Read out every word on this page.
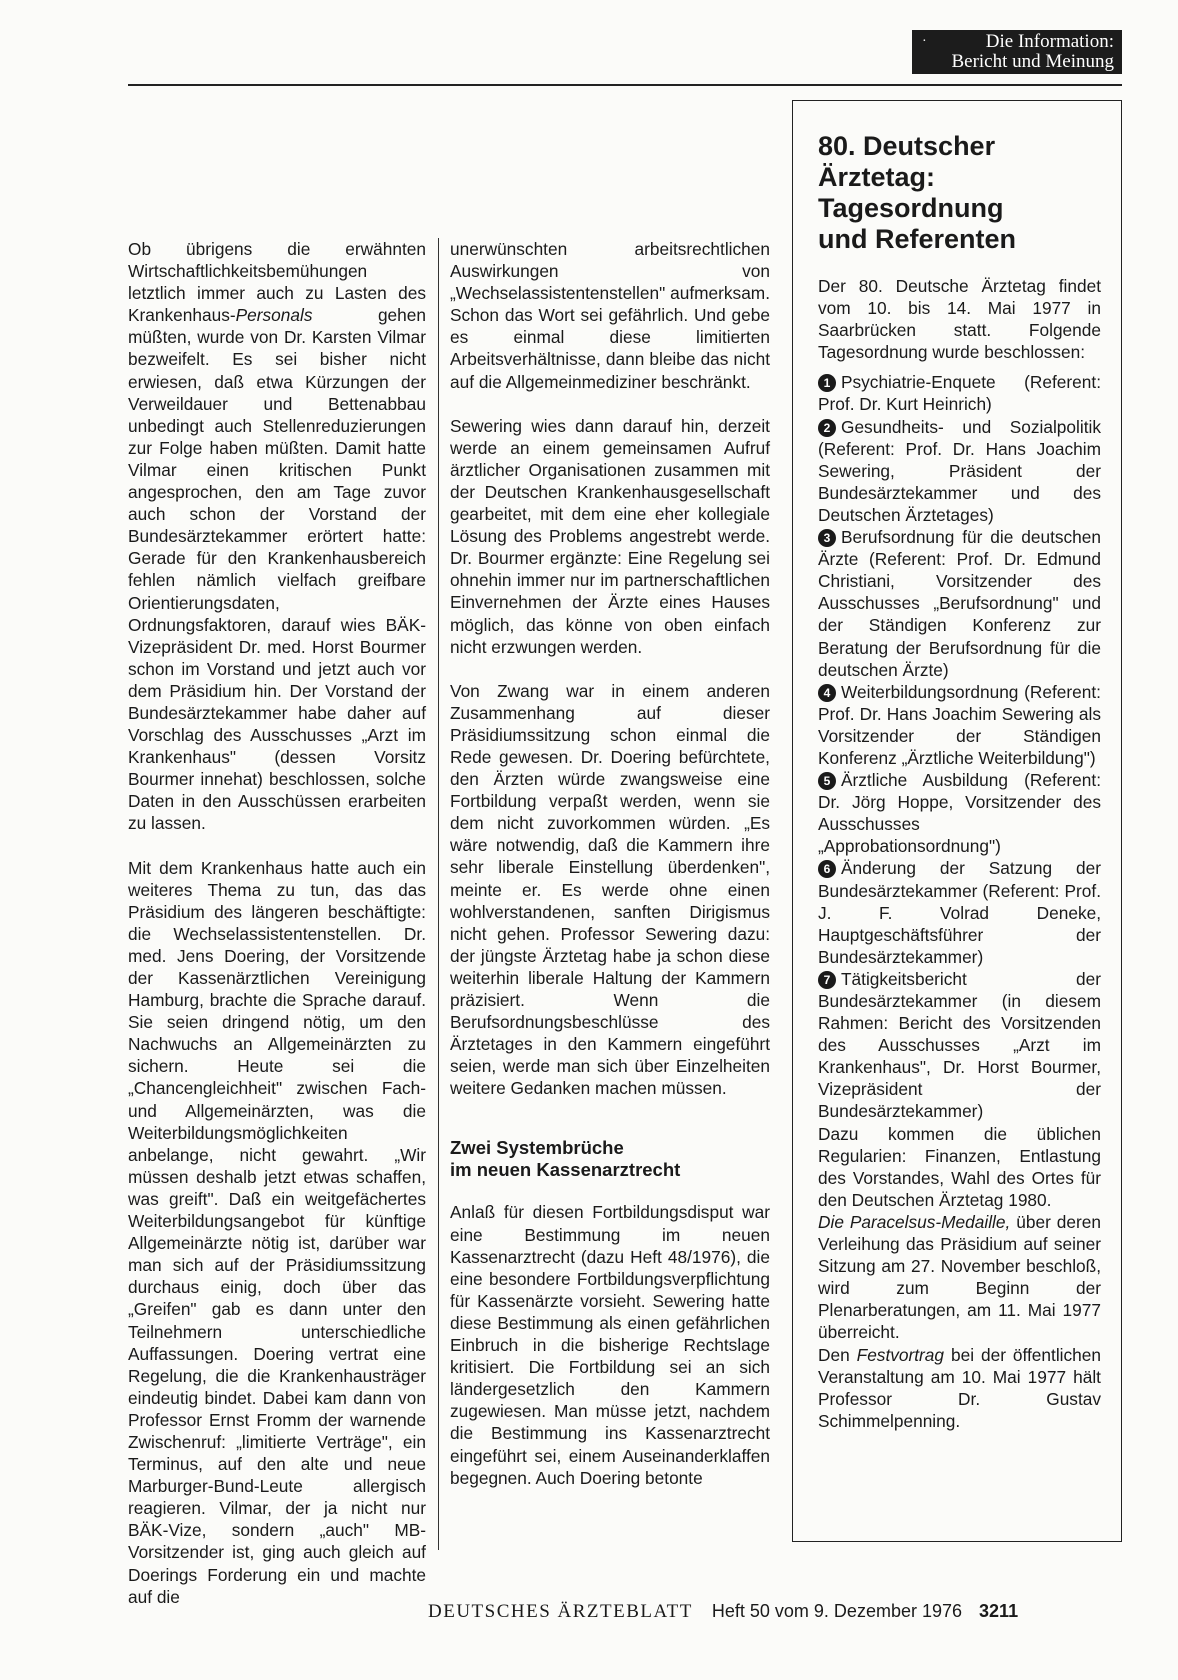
·	Die Information:
Bericht und Meinung

Ob übrigens die erwähnten Wirtschaftlichkeitsbemühungen letztlich immer auch zu Lasten des Krankenhaus-Personals gehen müßten, wurde von Dr. Karsten Vilmar bezweifelt. Es sei bisher nicht erwiesen, daß etwa Kürzungen der Verweildauer und Bettenabbau unbedingt auch Stellenreduzierungen zur Folge haben müßten. Damit hatte Vilmar einen kritischen Punkt angesprochen, den am Tage zuvor auch schon der Vorstand der Bundesärztekammer erörtert hatte: Gerade für den Krankenhausbereich fehlen nämlich vielfach greifbare Orientierungsdaten, Ordnungsfaktoren, darauf wies BÄK-Vizepräsident Dr. med. Horst Bourmer schon im Vorstand und jetzt auch vor dem Präsidium hin. Der Vorstand der Bundesärztekammer habe daher auf Vorschlag des Ausschusses „Arzt im Krankenhaus" (dessen Vorsitz Bourmer innehat) beschlossen, solche Daten in den Ausschüssen erarbeiten zu lassen.

Mit dem Krankenhaus hatte auch ein weiteres Thema zu tun, das das Präsidium des längeren beschäftigte: die Wechselassistentenstellen. Dr. med. Jens Doering, der Vorsitzende der Kassenärztlichen Vereinigung Hamburg, brachte die Sprache darauf. Sie seien dringend nötig, um den Nachwuchs an Allgemeinärzten zu sichern. Heute sei die „Chancengleichheit" zwischen Fach- und Allgemeinärzten, was die Weiterbildungsmöglichkeiten anbelange, nicht gewahrt. „Wir müssen deshalb jetzt etwas schaffen, was greift". Daß ein weitgefächertes Weiterbildungsangebot für künftige Allgemeinärzte nötig ist, darüber war man sich auf der Präsidiumssitzung durchaus einig, doch über das „Greifen" gab es dann unter den Teilnehmern unterschiedliche Auffassungen. Doering vertrat eine Regelung, die die Krankenhausträger eindeutig bindet. Dabei kam dann von Professor Ernst Fromm der warnende Zwischenruf: „limitierte Verträge", ein Terminus, auf den alte und neue Marburger-Bund-Leute allergisch reagieren. Vilmar, der ja nicht nur BÄK-Vize, sondern „auch" MB-Vorsitzender ist, ging auch gleich auf Doerings Forderung ein und machte auf die

unerwünschten arbeitsrechtlichen Auswirkungen von „Wechselassistentenstellen" aufmerksam. Schon das Wort sei gefährlich. Und gebe es einmal diese limitierten Arbeitsverhältnisse, dann bleibe das nicht auf die Allgemeinmediziner beschränkt.

Sewering wies dann darauf hin, derzeit werde an einem gemeinsamen Aufruf ärztlicher Organisationen zusammen mit der Deutschen Krankenhausgesellschaft gearbeitet, mit dem eine eher kollegiale Lösung des Problems angestrebt werde. Dr. Bourmer ergänzte: Eine Regelung sei ohnehin immer nur im partnerschaftlichen Einvernehmen der Ärzte eines Hauses möglich, das könne von oben einfach nicht erzwungen werden.

Von Zwang war in einem anderen Zusammenhang auf dieser Präsidiumssitzung schon einmal die Rede gewesen. Dr. Doering befürchtete, den Ärzten würde zwangsweise eine Fortbildung verpaßt werden, wenn sie dem nicht zuvorkommen würden. „Es wäre notwendig, daß die Kammern ihre sehr liberale Einstellung überdenken", meinte er. Es werde ohne einen wohlverstandenen, sanften Dirigismus nicht gehen. Professor Sewering dazu: der jüngste Ärztetag habe ja schon diese weiterhin liberale Haltung der Kammern präzisiert. Wenn die Berufsordnungsbeschlüsse des Ärztetages in den Kammern eingeführt seien, werde man sich über Einzelheiten weitere Gedanken machen müssen.

Zwei Systembrüche
im neuen Kassenarztrecht

Anlaß für diesen Fortbildungsdisput war eine Bestimmung im neuen Kassenarztrecht (dazu Heft 48/1976), die eine besondere Fortbildungsverpflichtung für Kassenärzte vorsieht. Sewering hatte diese Bestimmung als einen gefährlichen Einbruch in die bisherige Rechtslage kritisiert. Die Fortbildung sei an sich ländergesetzlich den Kammern zugewiesen. Man müsse jetzt, nachdem die Bestimmung ins Kassenarztrecht eingeführt sei, einem Auseinanderklaffen begegnen. Auch Doering betonte

80. Deutscher
Ärztetag:
Tagesordnung
und Referenten

Der 80. Deutsche Ärztetag findet vom 10. bis 14. Mai 1977 in Saarbrücken statt. Folgende Tagesordnung wurde beschlossen:

1 Psychiatrie-Enquete (Referent: Prof. Dr. Kurt Heinrich)

2 Gesundheits- und Sozialpolitik (Referent: Prof. Dr. Hans Joachim Sewering, Präsident der Bundesärztekammer und des Deutschen Ärztetages)

3 Berufsordnung für die deutschen Ärzte (Referent: Prof. Dr. Edmund Christiani, Vorsitzender des Ausschusses „Berufsordnung" und der Ständigen Konferenz zur Beratung der Berufsordnung für die deutschen Ärzte)

4 Weiterbildungsordnung (Referent: Prof. Dr. Hans Joachim Sewering als Vorsitzender der Ständigen Konferenz „Ärztliche Weiterbildung")

5 Ärztliche Ausbildung (Referent: Dr. Jörg Hoppe, Vorsitzender des Ausschusses „Approbationsordnung")

6 Änderung der Satzung der Bundesärztekammer (Referent: Prof. J. F. Volrad Deneke, Hauptgeschäftsführer der Bundesärztekammer)

7 Tätigkeitsbericht der Bundesärztekammer (in diesem Rahmen: Bericht des Vorsitzenden des Ausschusses „Arzt im Krankenhaus", Dr. Horst Bourmer, Vizepräsident der Bundesärztekammer)

Dazu kommen die üblichen Regularien: Finanzen, Entlastung des Vorstandes, Wahl des Ortes für den Deutschen Ärztetag 1980.

Die Paracelsus-Medaille, über deren Verleihung das Präsidium auf seiner Sitzung am 27. November beschloß, wird zum Beginn der Plenarberatungen, am 11. Mai 1977 überreicht.

Den Festvortrag bei der öffentlichen Veranstaltung am 10. Mai 1977 hält Professor Dr. Gustav Schimmelpenning.

DEUTSCHES ÄRZTEBLATT Heft 50 vom 9. Dezember 1976 3211
